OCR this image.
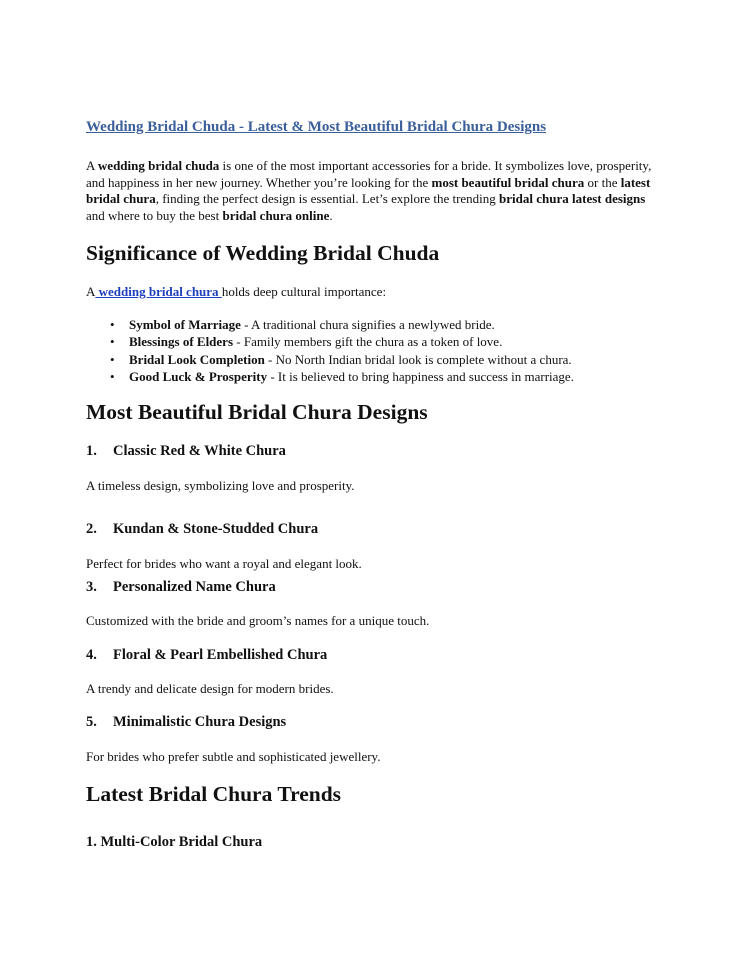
Wedding Bridal Chuda - Latest & Most Beautiful Bridal Chura Designs

A wedding bridal chuda is one of the most important accessories for a bride. It symbolizes love, prosperity, and happiness in her new journey. Whether you’re looking for the most beautiful bridal chura or the latest bridal chura, finding the perfect design is essential. Let’s explore the trending bridal chura latest designs and where to buy the best bridal chura online.

Significance of Wedding Bridal Chuda

A wedding bridal chura holds deep cultural importance:

• Symbol of Marriage - A traditional chura signifies a newlywed bride.
• Blessings of Elders - Family members gift the chura as a token of love.
• Bridal Look Completion - No North Indian bridal look is complete without a chura.
• Good Luck & Prosperity - It is believed to bring happiness and success in marriage.
Most Beautiful Bridal Chura Designs
1. Classic Red & White Chura

A timeless design, symbolizing love and prosperity.

2. Kundan & Stone-Studded Chura

Perfect for brides who want a royal and elegant look.

3. Personalized Name Chura

Customized with the bride and groom’s names for a unique touch.

4. Floral & Pearl Embellished Chura

A trendy and delicate design for modern brides.

5. Minimalistic Chura Designs

For brides who prefer subtle and sophisticated jewellery.

Latest Bridal Chura Trends
1. Multi-Color Bridal Chura
